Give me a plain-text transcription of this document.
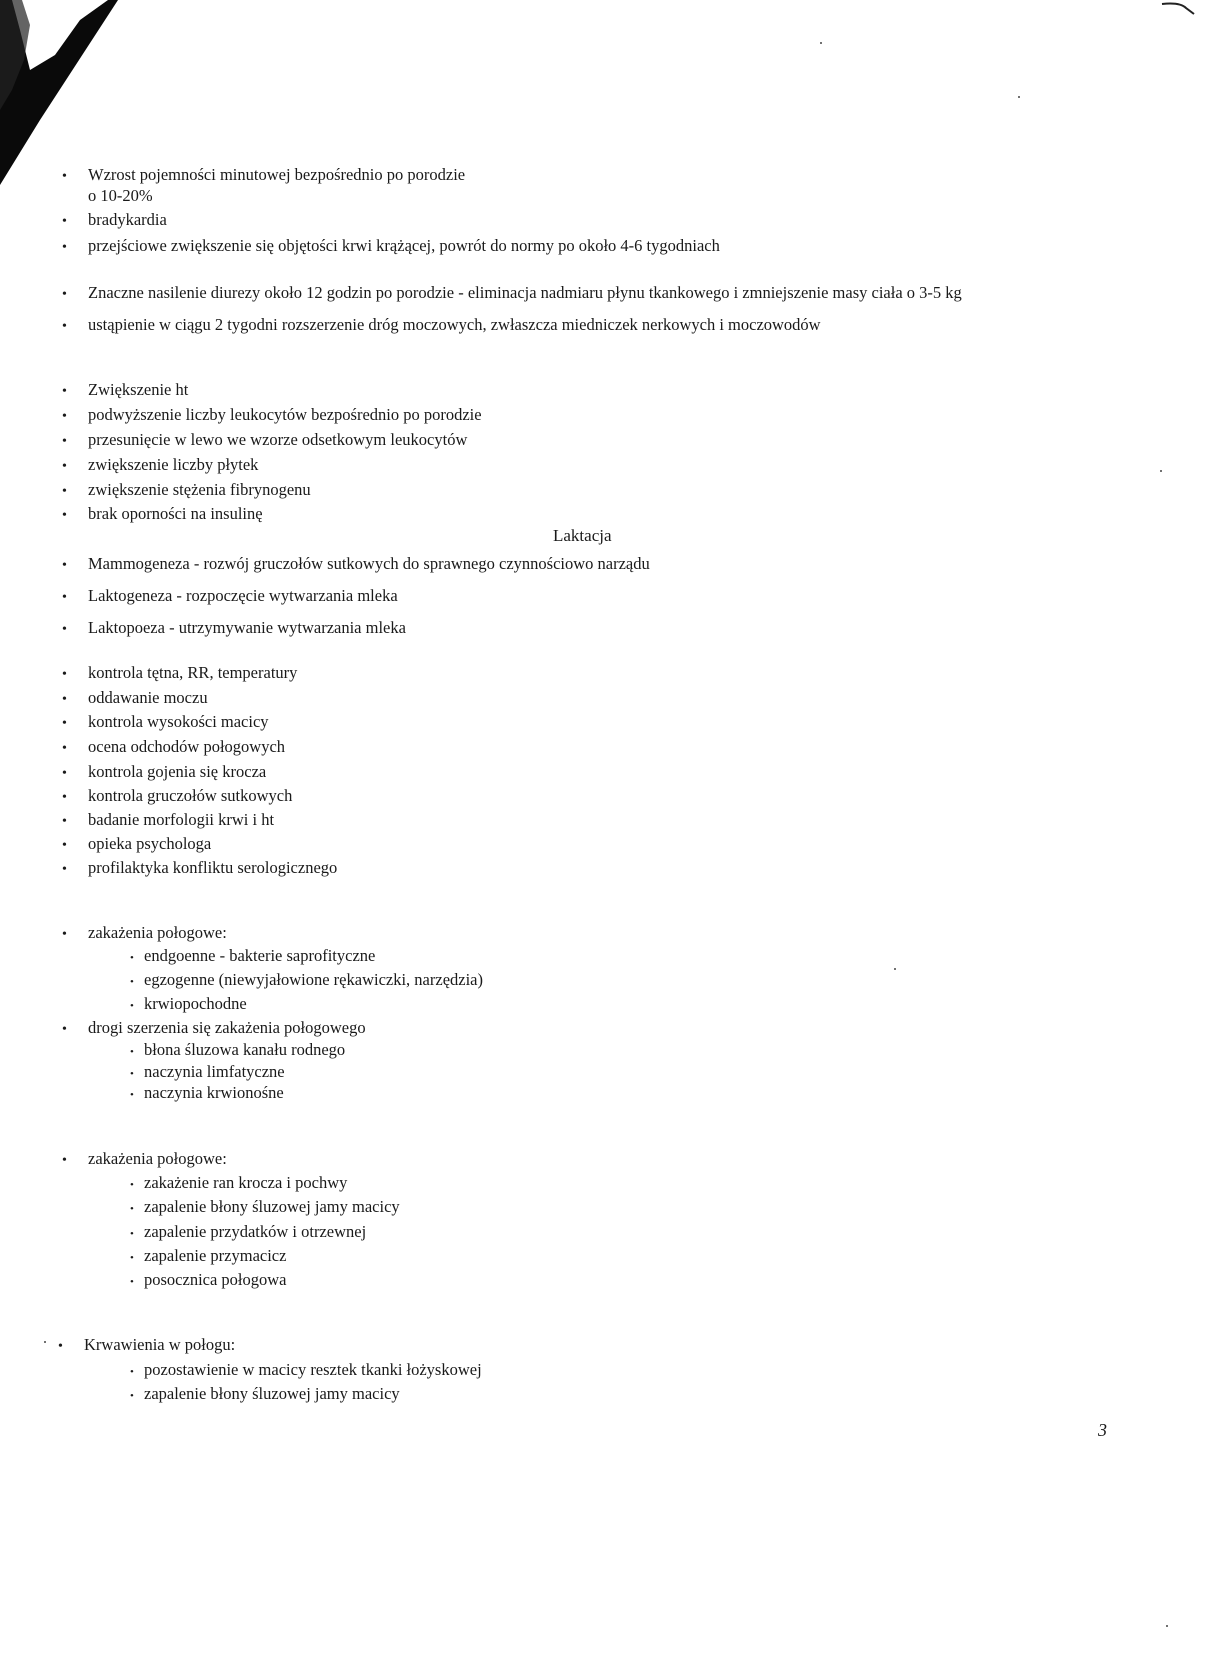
• Wzrost pojemności minutowej bezpośrednio po porodzie
o 10-20%
• bradykardia
• przejściowe zwiększenie się objętości krwi krążącej, powrót do normy po około 4-6 tygodniach
• Znaczne nasilenie diurezy około 12 godzin po porodzie - eliminacja nadmiaru płynu tkankowego i zmniejszenie masy ciała o 3-5 kg
• ustąpienie w ciągu 2 tygodni rozszerzenie dróg moczowych, zwłaszcza miedniczek nerkowych i moczowodów
• Zwiększenie ht
• podwyższenie liczby leukocytów bezpośrednio po porodzie
• przesunięcie w lewo we wzorze odsetkowym leukocytów
• zwiększenie liczby płytek
• zwiększenie stężenia fibrynogenu
• brak oporności na insulinę
Laktacja
• Mammogeneza - rozwój gruczołów sutkowych do sprawnego czynnościowo narządu
• Laktogeneza - rozpoczęcie wytwarzania mleka
• Laktopoeza - utrzymywanie wytwarzania mleka
• kontrola tętna, RR, temperatury
• oddawanie moczu
• kontrola wysokości macicy
• ocena odchodów połogowych
• kontrola gojenia się krocza
• kontrola gruczołów sutkowych
• badanie morfologii krwi i ht
• opieka psychologa
• profilaktyka konfliktu serologicznego
• zakażenia połogowe:
• endgoenne - bakterie saprofityczne
• egzogenne (niewyjałowione rękawiczki, narzędzia)
• krwiopochodne
• drogi szerzenia się zakażenia połogowego
• błona śluzowa kanału rodnego
• naczynia limfatyczne
• naczynia krwionośne
• zakażenia połogowe:
• zakażenie ran krocza i pochwy
• zapalenie błony śluzowej jamy macicy
• zapalenie przydatków i otrzewnej
• zapalenie przymacicz
• posocznica połogowa
• Krwawienia w połogu:
• pozostawienie w macicy resztek tkanki łożyskowej
• zapalenie błony śluzowej jamy macicy
3
